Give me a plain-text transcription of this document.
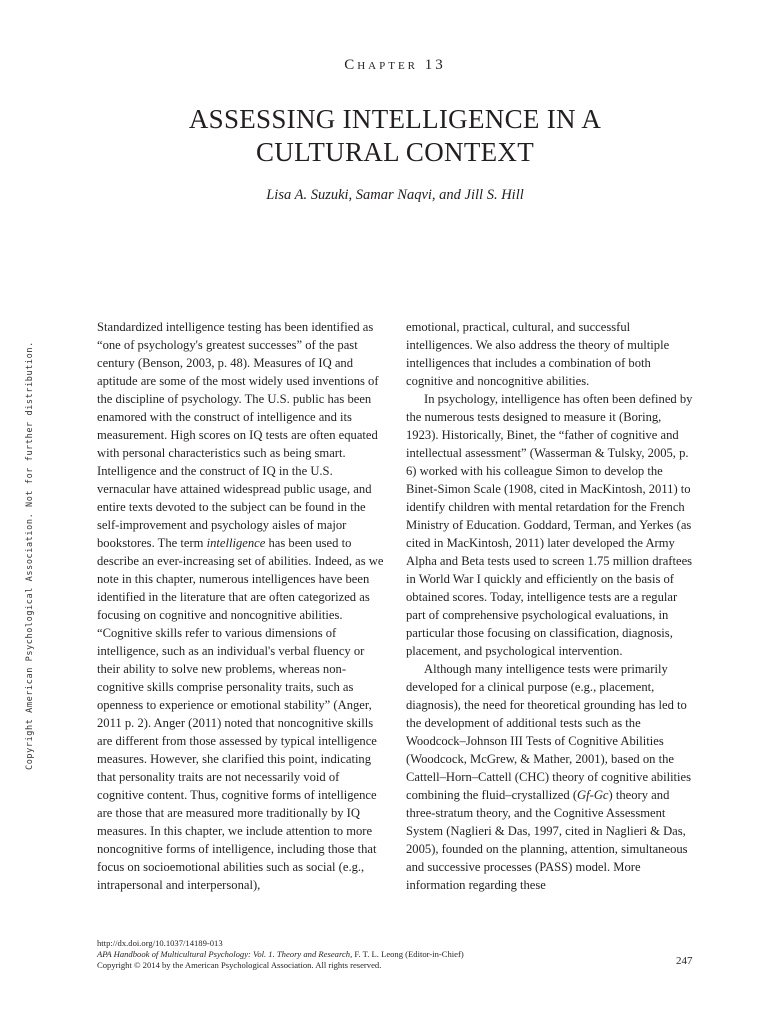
Chapter 13
ASSESSING INTELLIGENCE IN A
CULTURAL CONTEXT
Lisa A. Suzuki, Samar Naqvi, and Jill S. Hill
Copyright American Psychological Association. Not for further distribution.

Standardized intelligence testing has been identified as “one of psychology's greatest successes” of the past century (Benson, 2003, p. 48). Measures of IQ and aptitude are some of the most widely used inventions of the discipline of psychology. The U.S. public has been enamored with the construct of intelligence and its measurement. High scores on IQ tests are often equated with personal characteristics such as being smart. Intelligence and the construct of IQ in the U.S. vernacular have attained widespread public usage, and entire texts devoted to the subject can be found in the self-improvement and psychology aisles of major bookstores. The term intelligence has been used to describe an ever-increasing set of abilities. Indeed, as we note in this chapter, numerous intelligences have been identified in the literature that are often categorized as focusing on cognitive and noncognitive abilities. “Cognitive skills refer to various dimensions of intelligence, such as an individual's verbal fluency or their ability to solve new problems, whereas non-cognitive skills comprise personality traits, such as openness to experience or emotional stability” (Anger, 2011 p. 2). Anger (2011) noted that noncognitive skills are different from those assessed by typical intelligence measures. However, she clarified this point, indicating that personality traits are not necessarily void of cognitive content. Thus, cognitive forms of intelligence are those that are measured more traditionally by IQ measures. In this chapter, we include attention to more noncognitive forms of intelligence, including those that focus on socioemotional abilities such as social (e.g., intrapersonal and interpersonal),

emotional, practical, cultural, and successful intelligences. We also address the theory of multiple intelligences that includes a combination of both cognitive and noncognitive abilities.

In psychology, intelligence has often been defined by the numerous tests designed to measure it (Boring, 1923). Historically, Binet, the “father of cognitive and intellectual assessment” (Wasserman & Tulsky, 2005, p. 6) worked with his colleague Simon to develop the Binet-Simon Scale (1908, cited in MacKintosh, 2011) to identify children with mental retardation for the French Ministry of Education. Goddard, Terman, and Yerkes (as cited in MacKintosh, 2011) later developed the Army Alpha and Beta tests used to screen 1.75 million draftees in World War I quickly and efficiently on the basis of obtained scores. Today, intelligence tests are a regular part of comprehensive psychological evaluations, in particular those focusing on classification, diagnosis, placement, and psychological intervention.

Although many intelligence tests were primarily developed for a clinical purpose (e.g., placement, diagnosis), the need for theoretical grounding has led to the development of additional tests such as the Woodcock–Johnson III Tests of Cognitive Abilities (Woodcock, McGrew, & Mather, 2001), based on the Cattell–Horn–Cattell (CHC) theory of cognitive abilities combining the fluid–crystallized (Gf-Gc) theory and three-stratum theory, and the Cognitive Assessment System (Naglieri & Das, 1997, cited in Naglieri & Das, 2005), founded on the planning, attention, simultaneous and successive processes (PASS) model. More information regarding these

http://dx.doi.org/10.1037/14189-013
APA Handbook of Multicultural Psychology: Vol. 1. Theory and Research, F. T. L. Leong (Editor-in-Chief)
Copyright © 2014 by the American Psychological Association. All rights reserved.	247
